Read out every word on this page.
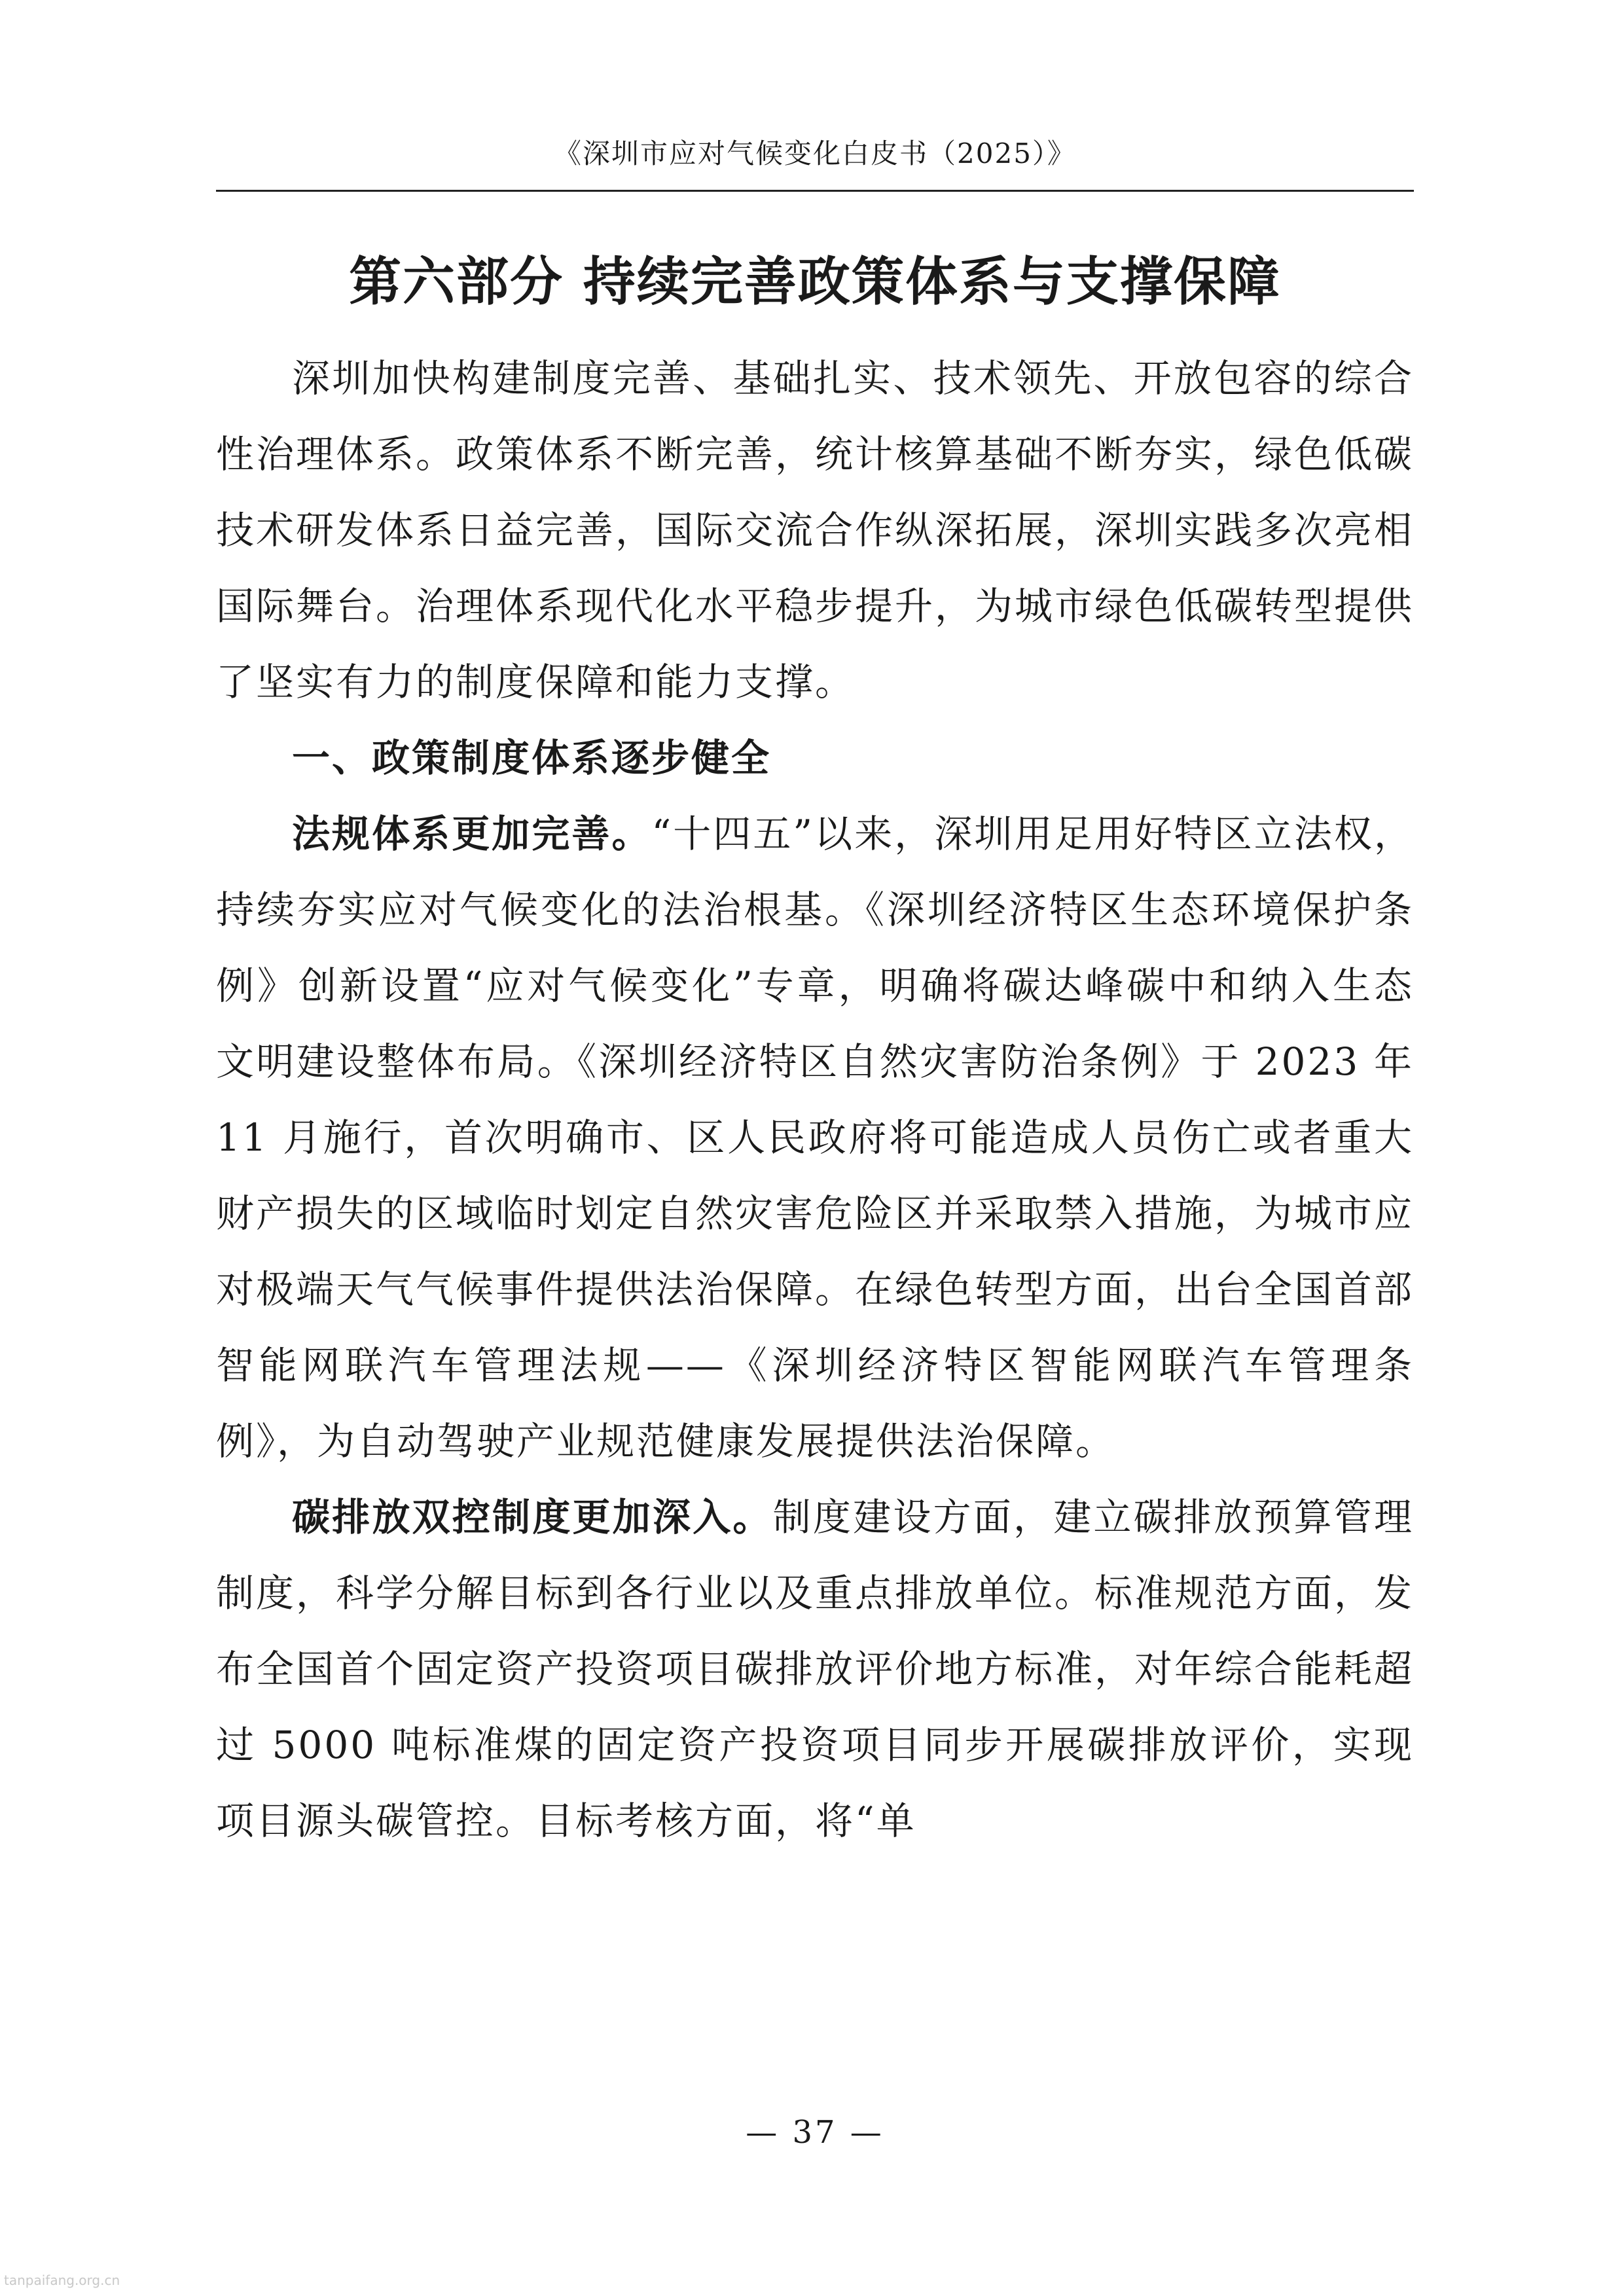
《深圳市应对气候变化白皮书（2025）》
第六部分 持续完善政策体系与支撑保障

深圳加快构建制度完善、基础扎实、技术领先、开放包容的综合性治理体系。政策体系不断完善，统计核算基础不断夯实，绿色低碳技术研发体系日益完善，国际交流合作纵深拓展，深圳实践多次亮相国际舞台。治理体系现代化水平稳步提升，为城市绿色低碳转型提供了坚实有力的制度保障和能力支撑。

一、政策制度体系逐步健全

法规体系更加完善。“十四五”以来，深圳用足用好特区立法权，持续夯实应对气候变化的法治根基。《深圳经济特区生态环境保护条例》创新设置“应对气候变化”专章，明确将碳达峰碳中和纳入生态文明建设整体布局。《深圳经济特区自然灾害防治条例》于 2023 年 11 月施行，首次明确市、区人民政府将可能造成人员伤亡或者重大财产损失的区域临时划定自然灾害危险区并采取禁入措施，为城市应对极端天气气候事件提供法治保障。在绿色转型方面，出台全国首部智能网联汽车管理法规——《深圳经济特区智能网联汽车管理条例》，为自动驾驶产业规范健康发展提供法治保障。

碳排放双控制度更加深入。制度建设方面，建立碳排放预算管理制度，科学分解目标到各行业以及重点排放单位。标准规范方面，发布全国首个固定资产投资项目碳排放评价地方标准，对年综合能耗超过 5000 吨标准煤的固定资产投资项目同步开展碳排放评价，实现项目源头碳管控。目标考核方面，将“单

— 37 —
tanpaifang.org.cn
